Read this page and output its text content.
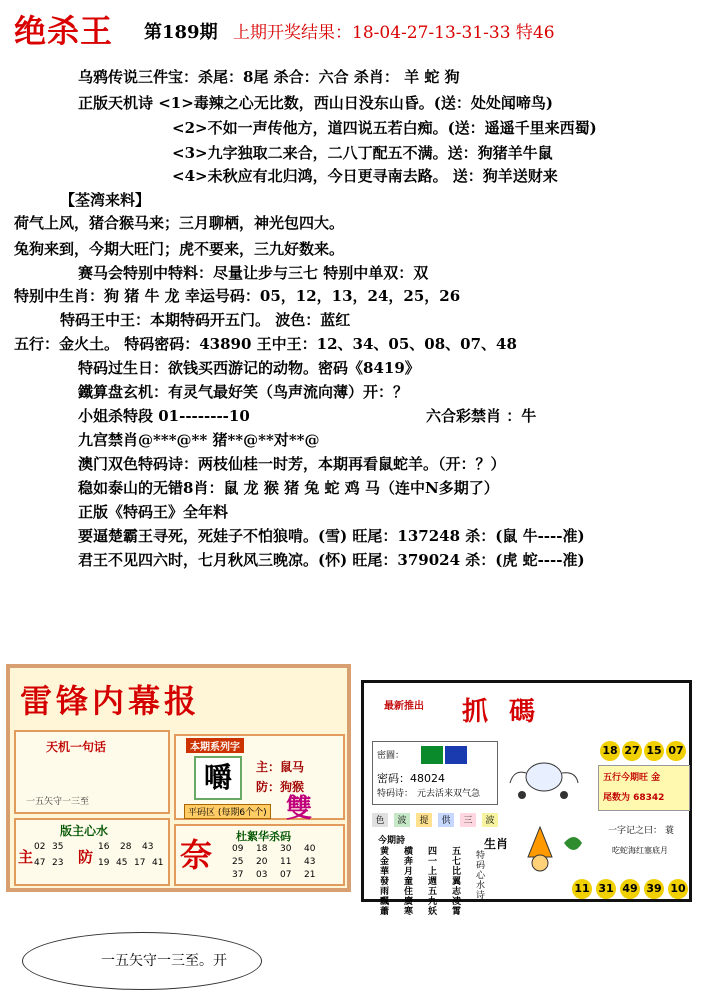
绝杀王 第189期 上期开奖结果：18-04-27-13-31-33 特46
乌鸦传说三件宝：杀尾：8尾 杀合：六合 杀肖： 羊 蛇 狗
正版天机诗 <1>毒辣之心无比数，西山日没东山昏。(送：处处闻啼鸟)
<2>不如一声传他方，道四说五若白痴。(送：遥遥千里来西蜀)
<3>九字独取二来合，二八丁配五不满。送：狗猪羊牛鼠
<4>未秋应有北归鸿，今日更寻南去路。 送：狗羊送财来
【荃湾来料】
荷气上风，猪合猴马来；三月聊栖，神光包四大。
兔狗来到，今期大旺门；虎不要来，三九好数来。
赛马会特别中特料：尽量让步与三七 特别中单双：双
特别中生肖：狗 猪 牛 龙 幸运号码：05，12，13，24，25，26
特码王中王：本期特码开五门。 波色：蓝红
五行：金火土。 特码密码：43890 王中王：12、34、05、08、07、48
特码过生日：欲钱买西游记的动物。密码《8419》
鐵算盘玄机：有灵气最好笑（鸟声流向薄）开：？
小姐杀特段 01--------10	六合彩禁肖 ：牛
九宫禁肖@***@** 猪**@**对**@
澳门双色特码诗：两枝仙桂一时芳，本期再看鼠蛇羊。（开：？）
稳如泰山的无错8肖：鼠 龙 猴 猪 兔 蛇 鸡 马（连中N多期了）
正版《特码王》全年料
要逼楚霸王寻死，死娃子不怕狼啃。(雪) 旺尾：137248 杀：(鼠 牛----准)
君王不见四六时，七月秋风三晚凉。(怀) 旺尾：379024 杀：(虎 蛇----准)
雷锋内幕报
天机一句话
一五矢守一三至
版主心水
主	防
02 35	16 28 43
47 23	19 45 17 41
本期系列字
嚼	主：鼠马
防：狗猴
平码区 (每期6个个) 雙
奈 杜絮华杀码
09 18 30 40
25 20 11 43
37 03 07 21
最新推出 抓 碼
密圖：
密码：48024
特码诗： 元去活来双气急
18 27 15 07
五行今期旺 金
尾数为 68342
色	波	提	供	三	波
今期詩
黄金華發雨飄蕭
横奔月童住廣寒
四一上週五九妖
五七比翼志凌霄
生肖
特码心水诗
一字记之曰： 蓑
吃蛇海红塞底月
11 31 49 39 10
一五矢守一三至。开
